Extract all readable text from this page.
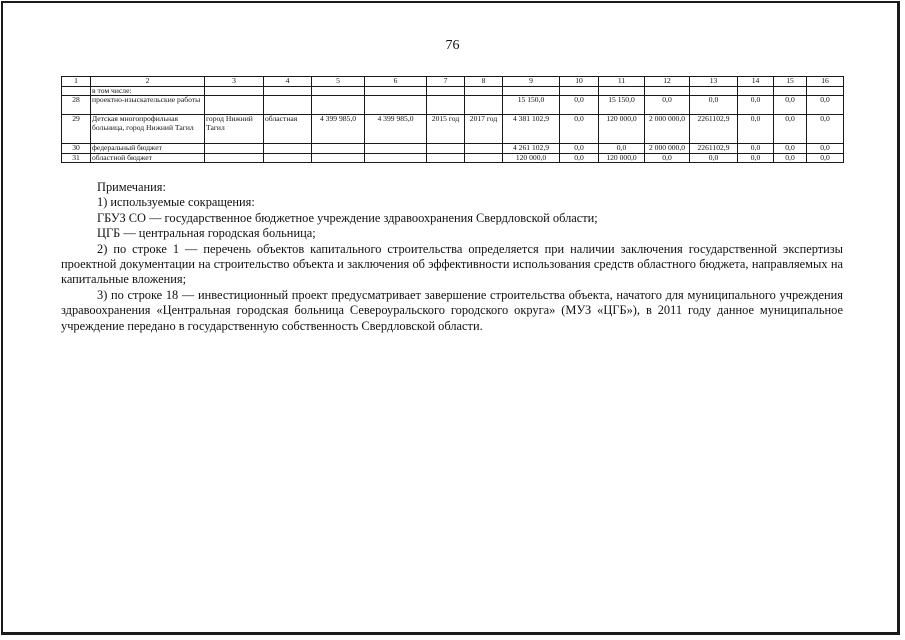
76
1	2	3	4	5	6	7	8	9	10	11	12	13	14	15	16
	в том числе:														
28	проектно-изыскательские работы							15 150,0	0,0	15 150,0	0,0	0,0	0,0	0,0	0,0
29	Детская многопрофильная больница, город Нижний Тагил	город Нижний Тагил	областная	4 399 985,0	4 399 985,0	2015 год	2017 год	4 381 102,9	0,0	120 000,0	2 000 000,0	2261102,9	0,0	0,0	0,0
30	федеральный бюджет							4 261 102,9	0,0	0,0	2 000 000,0	2261102,9	0,0	0,0	0,0
31	областной бюджет							120 000,0	0,0	120 000,0	0,0	0,0	0,0	0,0	0,0

Примечания:

1) используемые сокращения:

ГБУЗ СО — государственное бюджетное учреждение здравоохранения Свердловской области;

ЦГБ — центральная городская больница;

2) по строке 1 — перечень объектов капитального строительства определяется при наличии заключения государственной экспертизы проектной документации на строительство объекта и заключения об эффективности использования средств областного бюджета, направляемых на капитальные вложения;

3) по строке 18 — инвестиционный проект предусматривает завершение строительства объекта, начатого для муниципального учреждения здравоохранения «Центральная городская больница Североуральского городского округа» (МУЗ «ЦГБ»), в 2011 году данное муниципальное учреждение передано в государственную собственность Свердловской области.
